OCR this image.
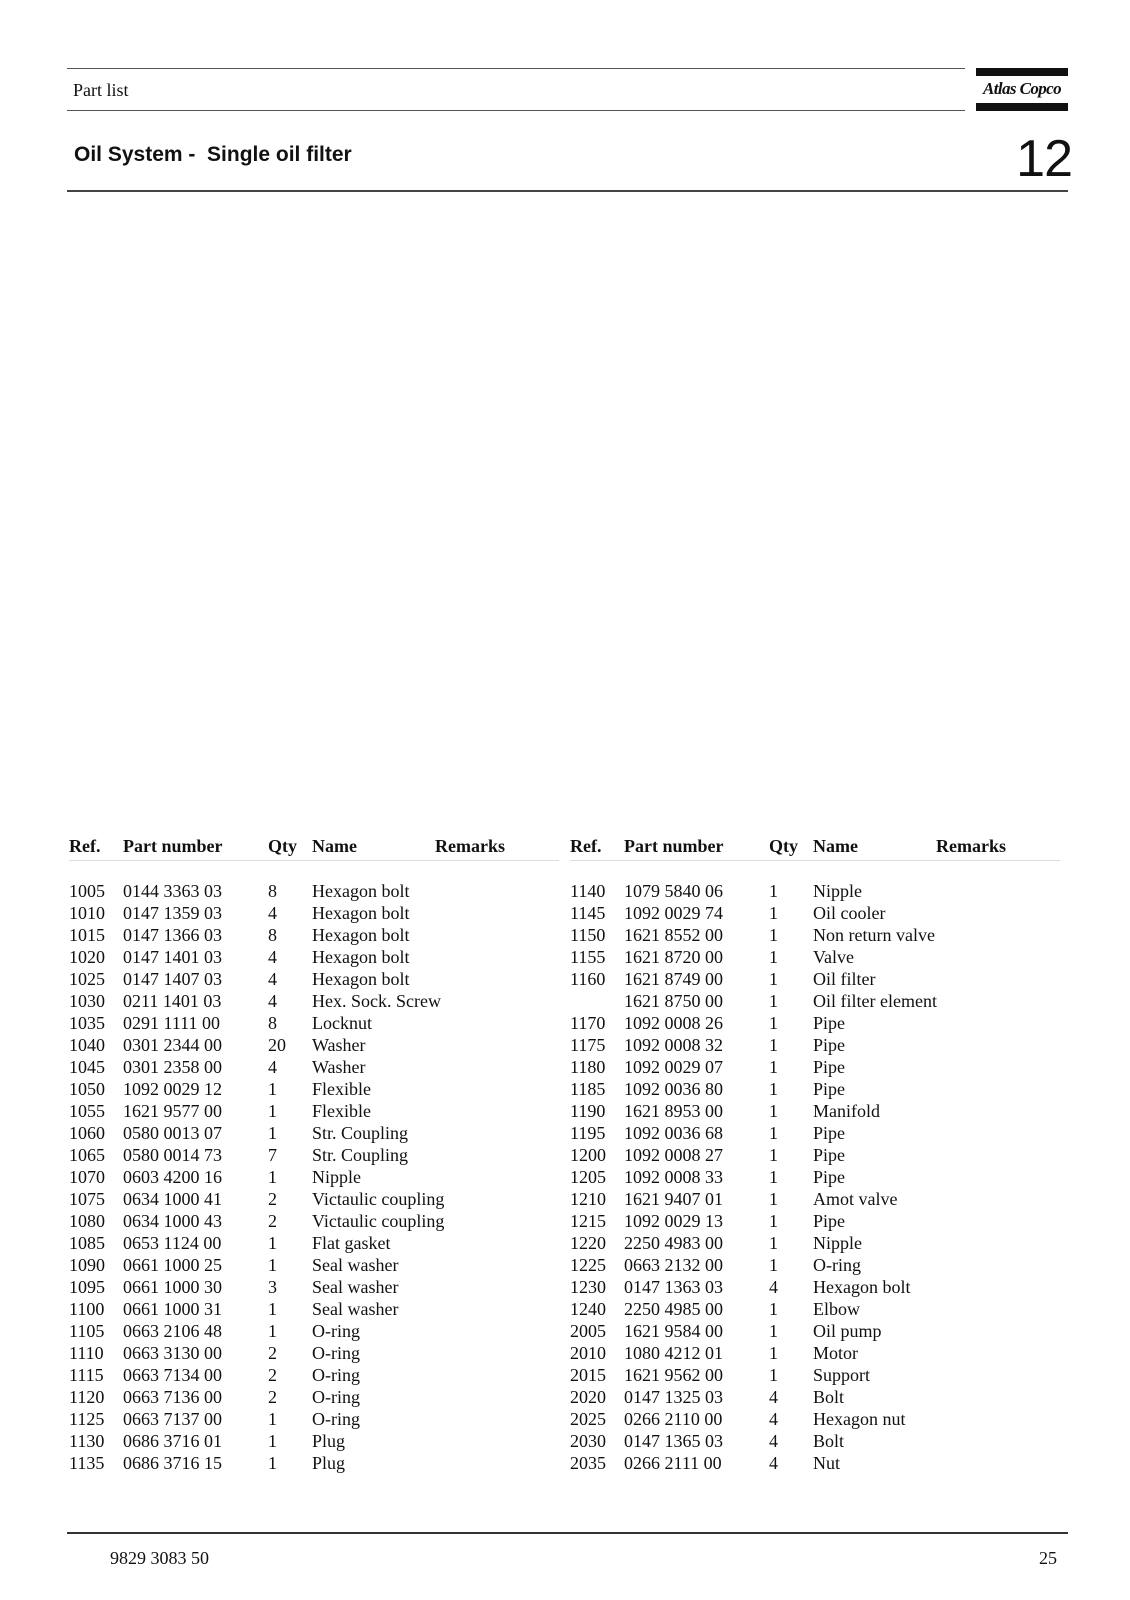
Part list	Atlas Copco
Oil System -  Single oil filter	12
Ref. Part number	Qty Name	Remarks
1005 0144 3363 03	8 Hexagon bolt
1010 0147 1359 03	4 Hexagon bolt
1015 0147 1366 03	8 Hexagon bolt
1020 0147 1401 03	4 Hexagon bolt
1025 0147 1407 03	4 Hexagon bolt
1030 0211 1401 03	4 Hex. Sock. Screw
1035 0291 1111 00	8 Locknut
1040 0301 2344 00	20 Washer
1045 0301 2358 00	4 Washer
1050 1092 0029 12	1 Flexible
1055 1621 9577 00	1 Flexible
1060 0580 0013 07	1 Str. Coupling
1065 0580 0014 73	7 Str. Coupling
1070 0603 4200 16	1 Nipple
1075 0634 1000 41	2 Victaulic coupling
1080 0634 1000 43	2 Victaulic coupling
1085 0653 1124 00	1 Flat gasket
1090 0661 1000 25	1 Seal washer
1095 0661 1000 30	3 Seal washer
1100 0661 1000 31	1 Seal washer
1105 0663 2106 48	1 O-ring
1110 0663 3130 00	2 O-ring
1115 0663 7134 00	2 O-ring
1120 0663 7136 00	2 O-ring
1125 0663 7137 00	1 O-ring
1130 0686 3716 01	1 Plug
1135 0686 3716 15	1 Plug
Ref. Part number	Qty Name	Remarks
1140 1079 5840 06	1 Nipple
1145 1092 0029 74	1 Oil cooler
1150 1621 8552 00	1 Non return valve
1155 1621 8720 00	1 Valve
1160 1621 8749 00	1 Oil filter
1621 8750 00	1 Oil filter element
1170 1092 0008 26	1 Pipe
1175 1092 0008 32	1 Pipe
1180 1092 0029 07	1 Pipe
1185 1092 0036 80	1 Pipe
1190 1621 8953 00	1 Manifold
1195 1092 0036 68	1 Pipe
1200 1092 0008 27	1 Pipe
1205 1092 0008 33	1 Pipe
1210 1621 9407 01	1 Amot valve
1215 1092 0029 13	1 Pipe
1220 2250 4983 00	1 Nipple
1225 0663 2132 00	1 O-ring
1230 0147 1363 03	4 Hexagon bolt
1240 2250 4985 00	1 Elbow
2005 1621 9584 00	1 Oil pump
2010 1080 4212 01	1 Motor
2015 1621 9562 00	1 Support
2020 0147 1325 03	4 Bolt
2025 0266 2110 00	4 Hexagon nut
2030 0147 1365 03	4 Bolt
2035 0266 2111 00	4 Nut
9829 3083 50	25
